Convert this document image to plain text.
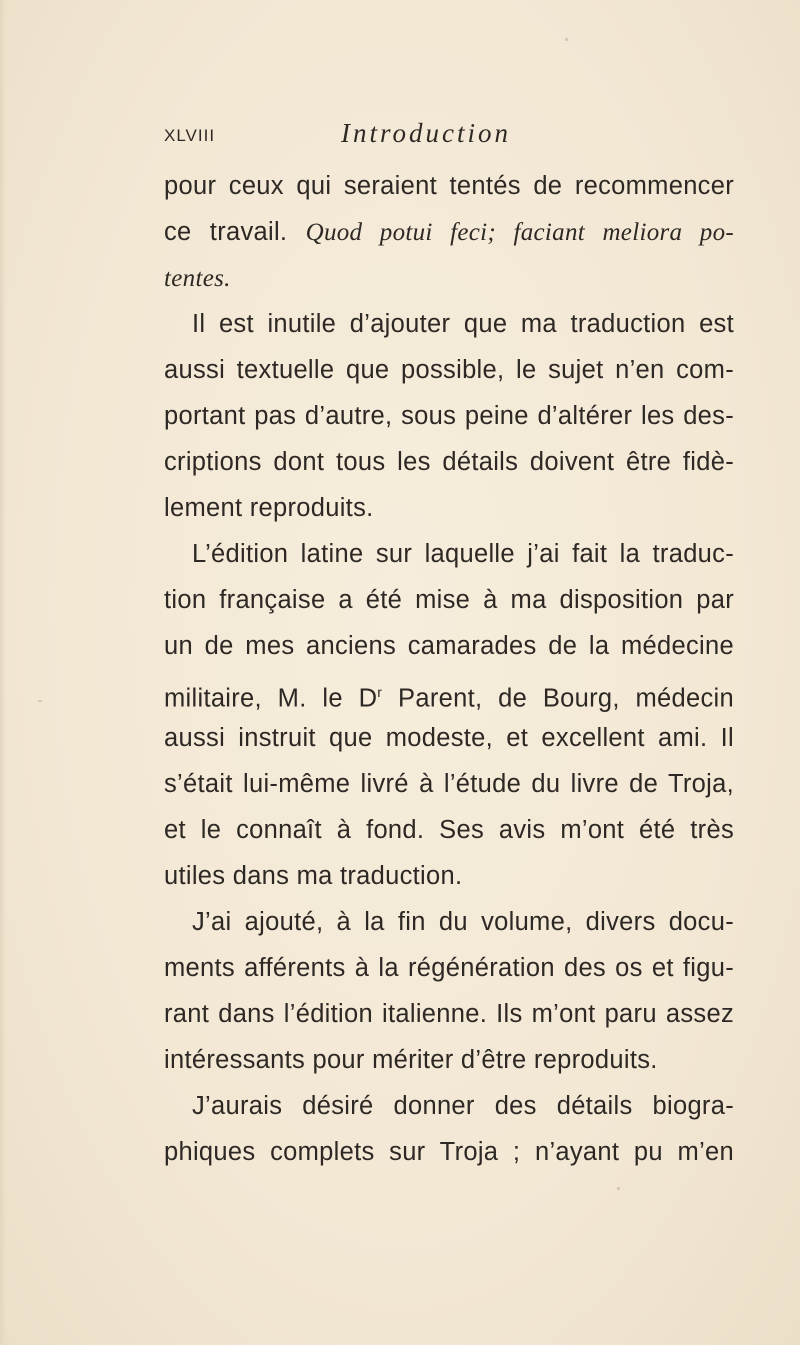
XLVIII	Introduction
pour ceux qui seraient tentés de recommencer
ce travail. Quod potui feci; faciant meliora po-
tentes.
Il est inutile d’ajouter que ma traduction est
aussi textuelle que possible, le sujet n’en com-
portant pas d’autre, sous peine d’altérer les des-
criptions dont tous les détails doivent être fidè-
lement reproduits.
L’édition latine sur laquelle j’ai fait la traduc-
tion française a été mise à ma disposition par
un de mes anciens camarades de la médecine
militaire, M. le $D^r$ Parent, de Bourg, médecin
aussi instruit que modeste, et excellent ami. Il
s’était lui-même livré à l’étude du livre de Troja,
et le connaît à fond. Ses avis m’ont été très
utiles dans ma traduction.
J’ai ajouté, à la fin du volume, divers docu-
ments afférents à la régénération des os et figu-
rant dans l’édition italienne. Ils m’ont paru assez
intéressants pour mériter d’être reproduits.
J’aurais désiré donner des détails biogra-
phiques complets sur Troja ; n’ayant pu m’en
